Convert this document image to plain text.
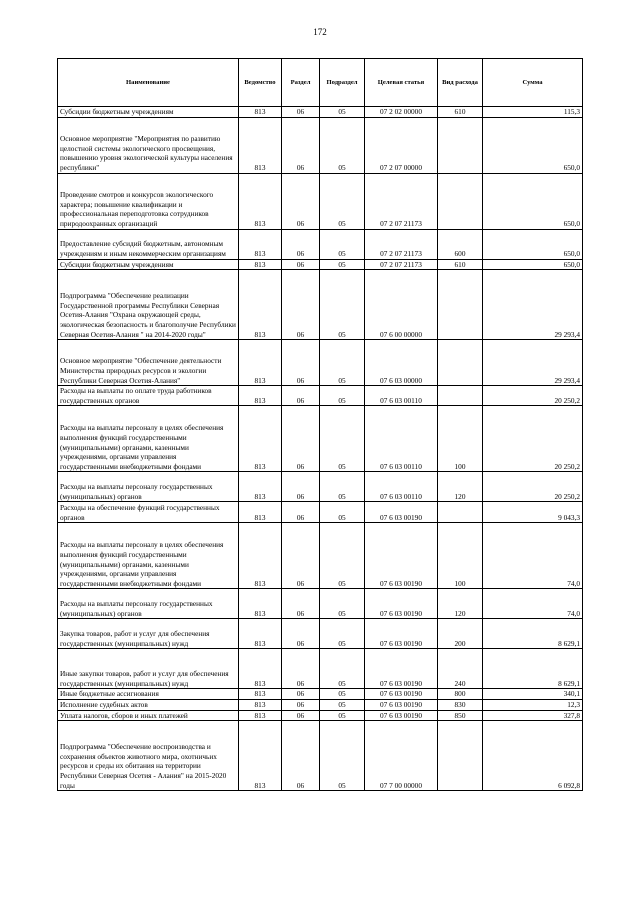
172
Наименование	Ведомство	Раздел	Подраздел	Целевая статья	Вид расхода	Сумма
Субсидии бюджетным учреждениям	813	06	05	07 2 02 00000	610	115,3
Основное мероприятие "Мероприятия по развитию целостной системы экологического просвещения, повышению уровня экологической культуры населения республики"	813	06	05	07 2 07 00000		650,0
Проведение смотров и конкурсов экологического характера; повышение квалификации и профессиональная переподготовка сотрудников природоохранных организаций	813	06	05	07 2 07 21173		650,0
Предоставление субсидий бюджетным, автономным учреждениям и иным некоммерческим организациям	813	06	05	07 2 07 21173	600	650,0
Субсидии бюджетным учреждениям	813	06	05	07 2 07 21173	610	650,0
Подпрограмма "Обеспечение реализации Государственной программы Республики Северная Осетия-Алания "Охрана окружающей среды, экологическая безопасность и благополучие Республики Северная Осетия-Алания " на 2014-2020 годы"	813	06	05	07 6 00 00000		29 293,4
Основное мероприятие "Обеспечение деятельности Министерства природных ресурсов и экологии Республики Северная Осетия-Алания"	813	06	05	07 6 03 00000		29 293,4
Расходы на выплаты по оплате труда работников государственных органов	813	06	05	07 6 03 00110		20 250,2
Расходы на выплаты персоналу в целях обеспечения выполнения функций государственными (муниципальными) органами, казенными учреждениями, органами управления государственными внебюджетными фондами	813	06	05	07 6 03 00110	100	20 250,2
Расходы на выплаты персоналу государственных (муниципальных) органов	813	06	05	07 6 03 00110	120	20 250,2
Расходы на обеспечение функций государственных органов	813	06	05	07 6 03 00190		9 043,3
Расходы на выплаты персоналу в целях обеспечения выполнения функций государственными (муниципальными) органами, казенными учреждениями, органами управления государственными внебюджетными фондами	813	06	05	07 6 03 00190	100	74,0
Расходы на выплаты персоналу государственных (муниципальных) органов	813	06	05	07 6 03 00190	120	74,0
Закупка товаров, работ и услуг для обеспечения государственных (муниципальных) нужд	813	06	05	07 6 03 00190	200	8 629,1
Иные закупки товаров, работ и услуг для обеспечения государственных (муниципальных) нужд	813	06	05	07 6 03 00190	240	8 629,1
Иные бюджетные ассигнования	813	06	05	07 6 03 00190	800	340,1
Исполнение судебных актов	813	06	05	07 6 03 00190	830	12,3
Уплата налогов, сборов и иных платежей	813	06	05	07 6 03 00190	850	327,8
Подпрограмма "Обеспечение воспроизводства и сохранения объектов животного мира, охотничьих ресурсов и среды их обитания на территории Республики Северная Осетия - Алания" на 2015-2020 годы	813	06	05	07 7 00 00000		6 092,8
